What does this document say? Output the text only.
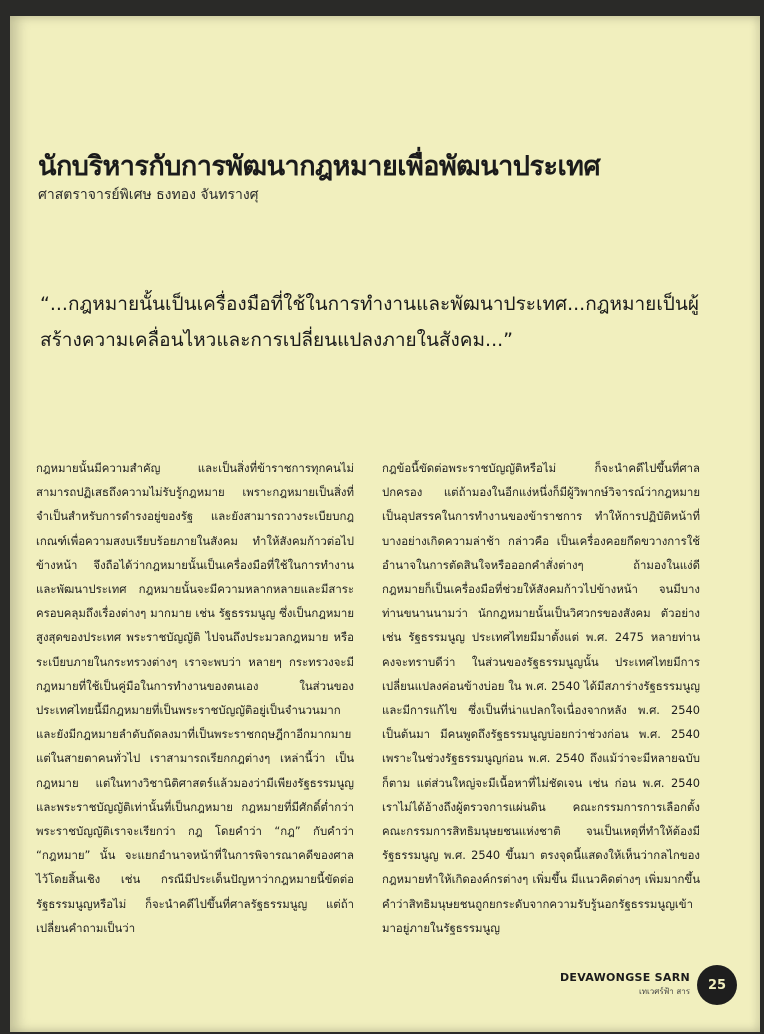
นักบริหารกับการพัฒนากฎหมายเพื่อพัฒนาประเทศ

ศาสตราจารย์พิเศษ ธงทอง จันทรางศุ

“...กฎหมายนั้นเป็นเครื่องมือที่ใช้ในการทำงานและพัฒนาประเทศ...กฎหมายเป็นผู้สร้างความเคลื่อนไหวและการเปลี่ยนแปลงภายในสังคม...”

กฎหมายนั้นมีความสำคัญ และเป็นสิ่งที่ข้าราชการทุกคนไม่สามารถปฏิเสธถึงความไม่รับรู้กฎหมาย เพราะกฎหมายเป็นสิ่งที่จำเป็นสำหรับการดำรงอยู่ของรัฐ และยังสามารถวางระเบียบกฎเกณฑ์เพื่อความสงบเรียบร้อยภายในสังคม ทำให้สังคมก้าวต่อไปข้างหน้า จึงถือได้ว่ากฎหมายนั้นเป็นเครื่องมือที่ใช้ในการทำงานและพัฒนาประเทศ กฎหมายนั้นจะมีความหลากหลายและมีสาระครอบคลุมถึงเรื่องต่างๆ มากมาย เช่น รัฐธรรมนูญ ซึ่งเป็นกฎหมายสูงสุดของประเทศ พระราชบัญญัติ ไปจนถึงประมวลกฎหมาย หรือระเบียบภายในกระทรวงต่างๆ เราจะพบว่า หลายๆ กระทรวงจะมีกฎหมายที่ใช้เป็นคู่มือในการทำงานของตนเอง ในส่วนของประเทศไทยนี้มีกฎหมายที่เป็นพระราชบัญญัติอยู่เป็นจำนวนมาก และยังมีกฎหมายลำดับถัดลงมาที่เป็นพระราชกฤษฎีกาอีกมากมาย แต่ในสายตาคนทั่วไป เราสามารถเรียกกฎต่างๆ เหล่านี้ว่า เป็นกฎหมาย แต่ในทางวิชานิติศาสตร์แล้วมองว่ามีเพียงรัฐธรรมนูญและพระราชบัญญัติเท่านั้นที่เป็นกฎหมาย กฎหมายที่มีศักดิ์ต่ำกว่าพระราชบัญญัติเราจะเรียกว่า กฎ โดยคำว่า “กฎ” กับคำว่า “กฎหมาย” นั้น จะแยกอำนาจหน้าที่ในการพิจารณาคดีของศาลไว้โดยสิ้นเชิง เช่น กรณีมีประเด็นปัญหาว่ากฎหมายนี้ขัดต่อรัฐธรรมนูญหรือไม่ ก็จะนำคดีไปขึ้นที่ศาลรัฐธรรมนูญ แต่ถ้าเปลี่ยนคำถามเป็นว่า

กฎข้อนี้ขัดต่อพระราชบัญญัติหรือไม่ ก็จะนำคดีไปขึ้นที่ศาลปกครอง แต่ถ้ามองในอีกแง่หนึ่งก็มีผู้วิพากษ์วิจารณ์ว่ากฎหมายเป็นอุปสรรคในการทำงานของข้าราชการ ทำให้การปฏิบัติหน้าที่บางอย่างเกิดความล่าช้า กล่าวคือ เป็นเครื่องคอยกีดขวางการใช้อำนาจในการตัดสินใจหรือออกคำสั่งต่างๆ ถ้ามองในแง่ดี กฎหมายก็เป็นเครื่องมือที่ช่วยให้สังคมก้าวไปข้างหน้า จนมีบางท่านขนานนามว่า นักกฎหมายนั้นเป็นวิศวกรของสังคม ตัวอย่างเช่น รัฐธรรมนูญ ประเทศไทยมีมาตั้งแต่ พ.ศ. 2475 หลายท่านคงจะทราบดีว่า ในส่วนของรัฐธรรมนูญนั้น ประเทศไทยมีการเปลี่ยนแปลงค่อนข้างบ่อย ใน พ.ศ. 2540 ได้มีสภาร่างรัฐธรรมนูญและมีการแก้ไข ซึ่งเป็นที่น่าแปลกใจเนื่องจากหลัง พ.ศ. 2540 เป็นต้นมา มีคนพูดถึงรัฐธรรมนูญบ่อยกว่าช่วงก่อน พ.ศ. 2540 เพราะในช่วงรัฐธรรมนูญก่อน พ.ศ. 2540 ถึงแม้ว่าจะมีหลายฉบับก็ตาม แต่ส่วนใหญ่จะมีเนื้อหาที่ไม่ชัดเจน เช่น ก่อน พ.ศ. 2540 เราไม่ได้อ้างถึงผู้ตรวจการแผ่นดิน คณะกรรมการการเลือกตั้ง คณะกรรมการสิทธิมนุษยชนแห่งชาติ จนเป็นเหตุที่ทำให้ต้องมีรัฐธรรมนูญ พ.ศ. 2540 ขึ้นมา ตรงจุดนี้แสดงให้เห็นว่ากลไกของกฎหมายทำให้เกิดองค์กรต่างๆ เพิ่มขึ้น มีแนวคิดต่างๆ เพิ่มมากขึ้น คำว่าสิทธิมนุษยชนถูกยกระดับจากความรับรู้นอกรัฐธรรมนูญเข้ามาอยู่ภายในรัฐธรรมนูญ

DEVAWONGSE SARN
เทเวศร์ฟ้า สาร	25
